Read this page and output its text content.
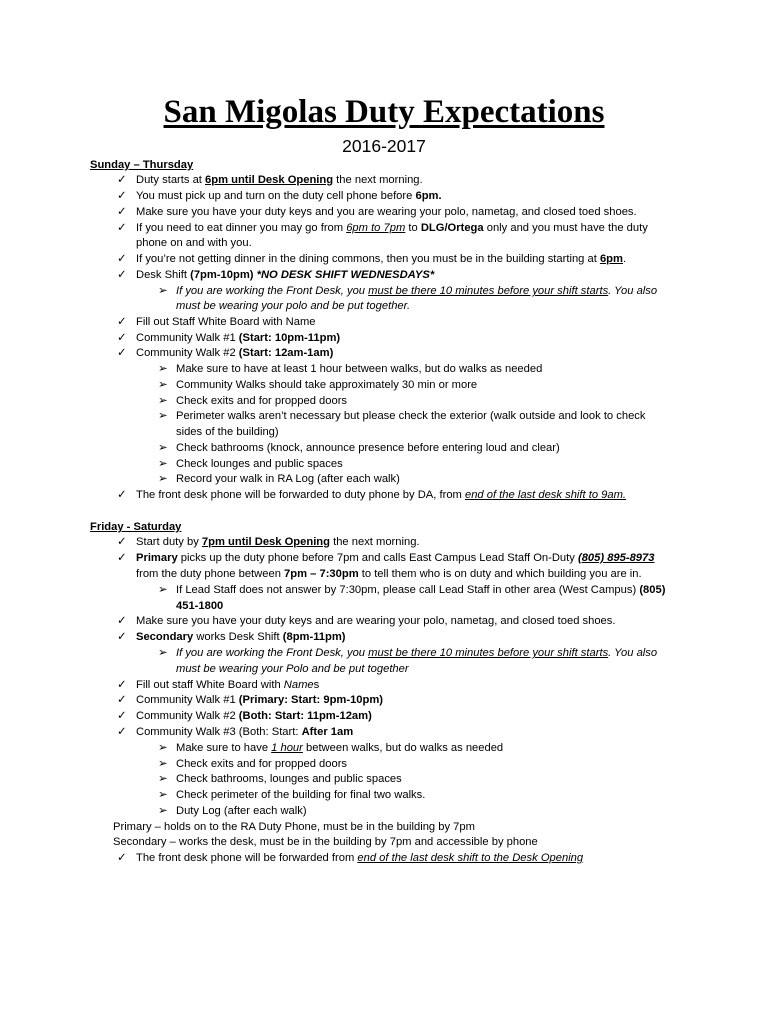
San Migolas Duty Expectations
2016-2017
Sunday – Thursday
✓ Duty starts at 6pm until Desk Opening the next morning.
✓ You must pick up and turn on the duty cell phone before 6pm.
✓ Make sure you have your duty keys and you are wearing your polo, nametag, and closed toed shoes.
✓ If you need to eat dinner you may go from 6pm to 7pm to DLG/Ortega only and you must have the duty
phone on and with you.
✓ If you’re not getting dinner in the dining commons, then you must be in the building starting at 6pm.
✓ Desk Shift (7pm-10pm) *NO DESK SHIFT WEDNESDAYS*
➢ If you are working the Front Desk, you must be there 10 minutes before your shift starts. You also
must be wearing your polo and be put together.
✓ Fill out Staff White Board with Name
✓ Community Walk #1 (Start: 10pm-11pm)
✓ Community Walk #2 (Start: 12am-1am)
➢ Make sure to have at least 1 hour between walks, but do walks as needed
➢ Community Walks should take approximately 30 min or more
➢ Check exits and for propped doors
➢ Perimeter walks aren’t necessary but please check the exterior (walk outside and look to check
sides of the building)
➢ Check bathrooms (knock, announce presence before entering loud and clear)
➢ Check lounges and public spaces
➢ Record your walk in RA Log (after each walk)
✓ The front desk phone will be forwarded to duty phone by DA, from end of the last desk shift to 9am.
Friday - Saturday
✓ Start duty by 7pm until Desk Opening the next morning.
✓ Primary picks up the duty phone before 7pm and calls East Campus Lead Staff On-Duty (805) 895-8973
from the duty phone between 7pm – 7:30pm to tell them who is on duty and which building you are in.
➢ If Lead Staff does not answer by 7:30pm, please call Lead Staff in other area (West Campus) (805)
451-1800
✓ Make sure you have your duty keys and are wearing your polo, nametag, and closed toed shoes.
✓ Secondary works Desk Shift (8pm-11pm)
➢ If you are working the Front Desk, you must be there 10 minutes before your shift starts. You also
must be wearing your Polo and be put together
✓ Fill out staff White Board with Names
✓ Community Walk #1 (Primary: Start: 9pm-10pm)
✓ Community Walk #2 (Both: Start: 11pm-12am)
✓ Community Walk #3 (Both: Start: After 1am
➢ Make sure to have 1 hour between walks, but do walks as needed
➢ Check exits and for propped doors
➢ Check bathrooms, lounges and public spaces
➢ Check perimeter of the building for final two walks.
➢ Duty Log (after each walk)
Primary – holds on to the RA Duty Phone, must be in the building by 7pm
Secondary – works the desk, must be in the building by 7pm and accessible by phone
✓ The front desk phone will be forwarded from end of the last desk shift to the Desk Opening
